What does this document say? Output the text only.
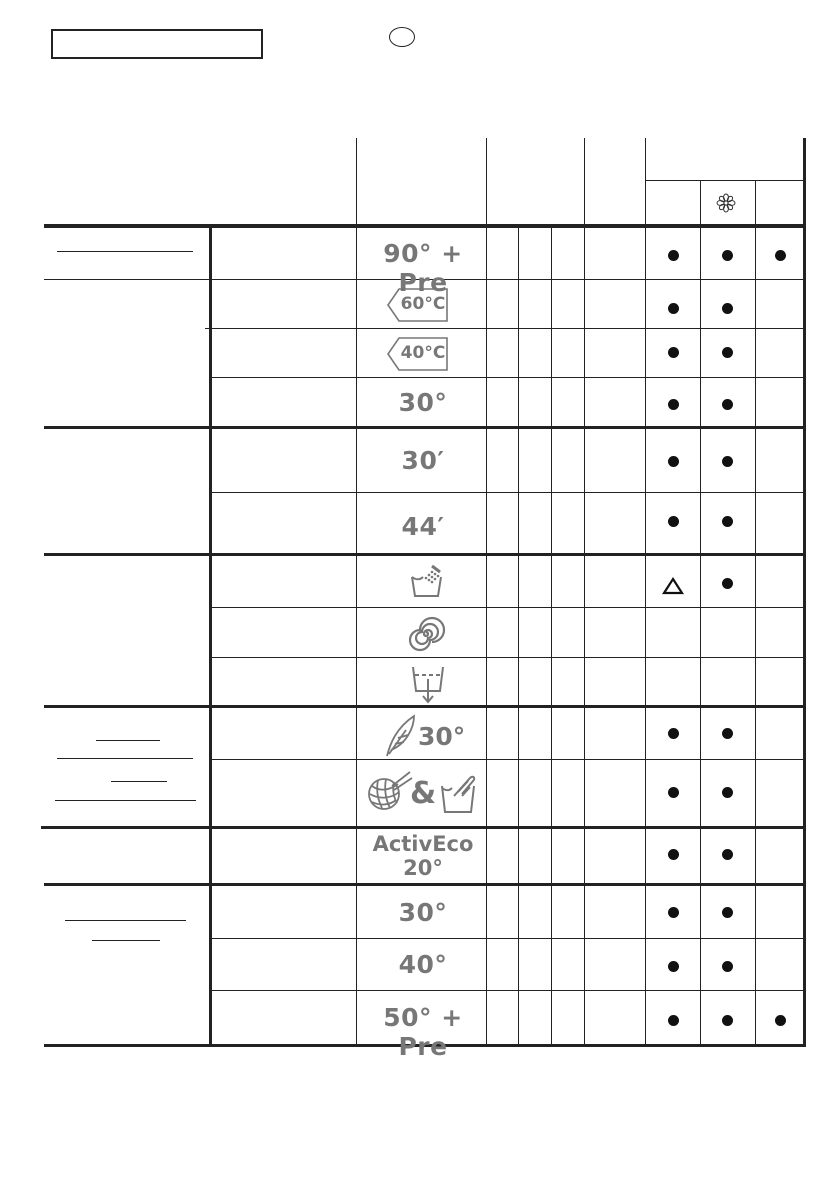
90° + Pre
60°C
40°C
30°
30′
44′
30°
&
ActivEco
20°
30°
40°
50° + Pre
